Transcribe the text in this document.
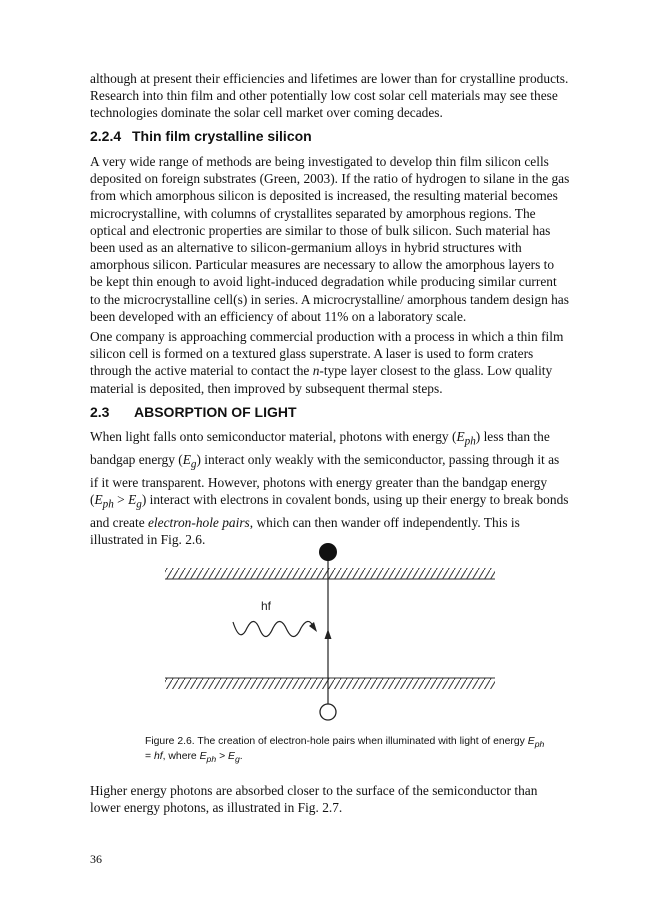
although at present their efficiencies and lifetimes are lower than for crystalline products. Research into thin film and other potentially low cost solar cell materials may see these technologies dominate the solar cell market over coming decades.

2.2.4 Thin film crystalline silicon

A very wide range of methods are being investigated to develop thin film silicon cells deposited on foreign substrates (Green, 2003). If the ratio of hydrogen to silane in the gas from which amorphous silicon is deposited is increased, the resulting material becomes microcrystalline, with columns of crystallites separated by amorphous regions. The optical and electronic properties are similar to those of bulk silicon. Such material has been used as an alternative to silicon-germanium alloys in hybrid structures with amorphous silicon. Particular measures are necessary to allow the amorphous layers to be kept thin enough to avoid light-induced degradation while producing similar current to the microcrystalline cell(s) in series. A microcrystalline/ amorphous tandem design has been developed with an efficiency of about 11% on a laboratory scale.

One company is approaching commercial production with a process in which a thin film silicon cell is formed on a textured glass superstrate. A laser is used to form craters through the active material to contact the n-type layer closest to the glass. Low quality material is deposited, then improved by subsequent thermal steps.

2.3 ABSORPTION OF LIGHT

When light falls onto semiconductor material, photons with energy $(E_{ph})$ less than the bandgap energy $(E_g)$ interact only weakly with the semiconductor, passing through it as if it were transparent. However, photons with energy greater than the bandgap energy $(E_{ph} > E_g)$ interact with electrons in covalent bonds, using up their energy to break bonds and create electron-hole pairs, which can then wander off independently. This is illustrated in Fig. 2.6.

hf

Figure 2.6. The creation of electron-hole pairs when illuminated with light of energy $E_{ph}$ = hf, where $E_{ph} > E_g$.

Higher energy photons are absorbed closer to the surface of the semiconductor than lower energy photons, as illustrated in Fig. 2.7.

36
